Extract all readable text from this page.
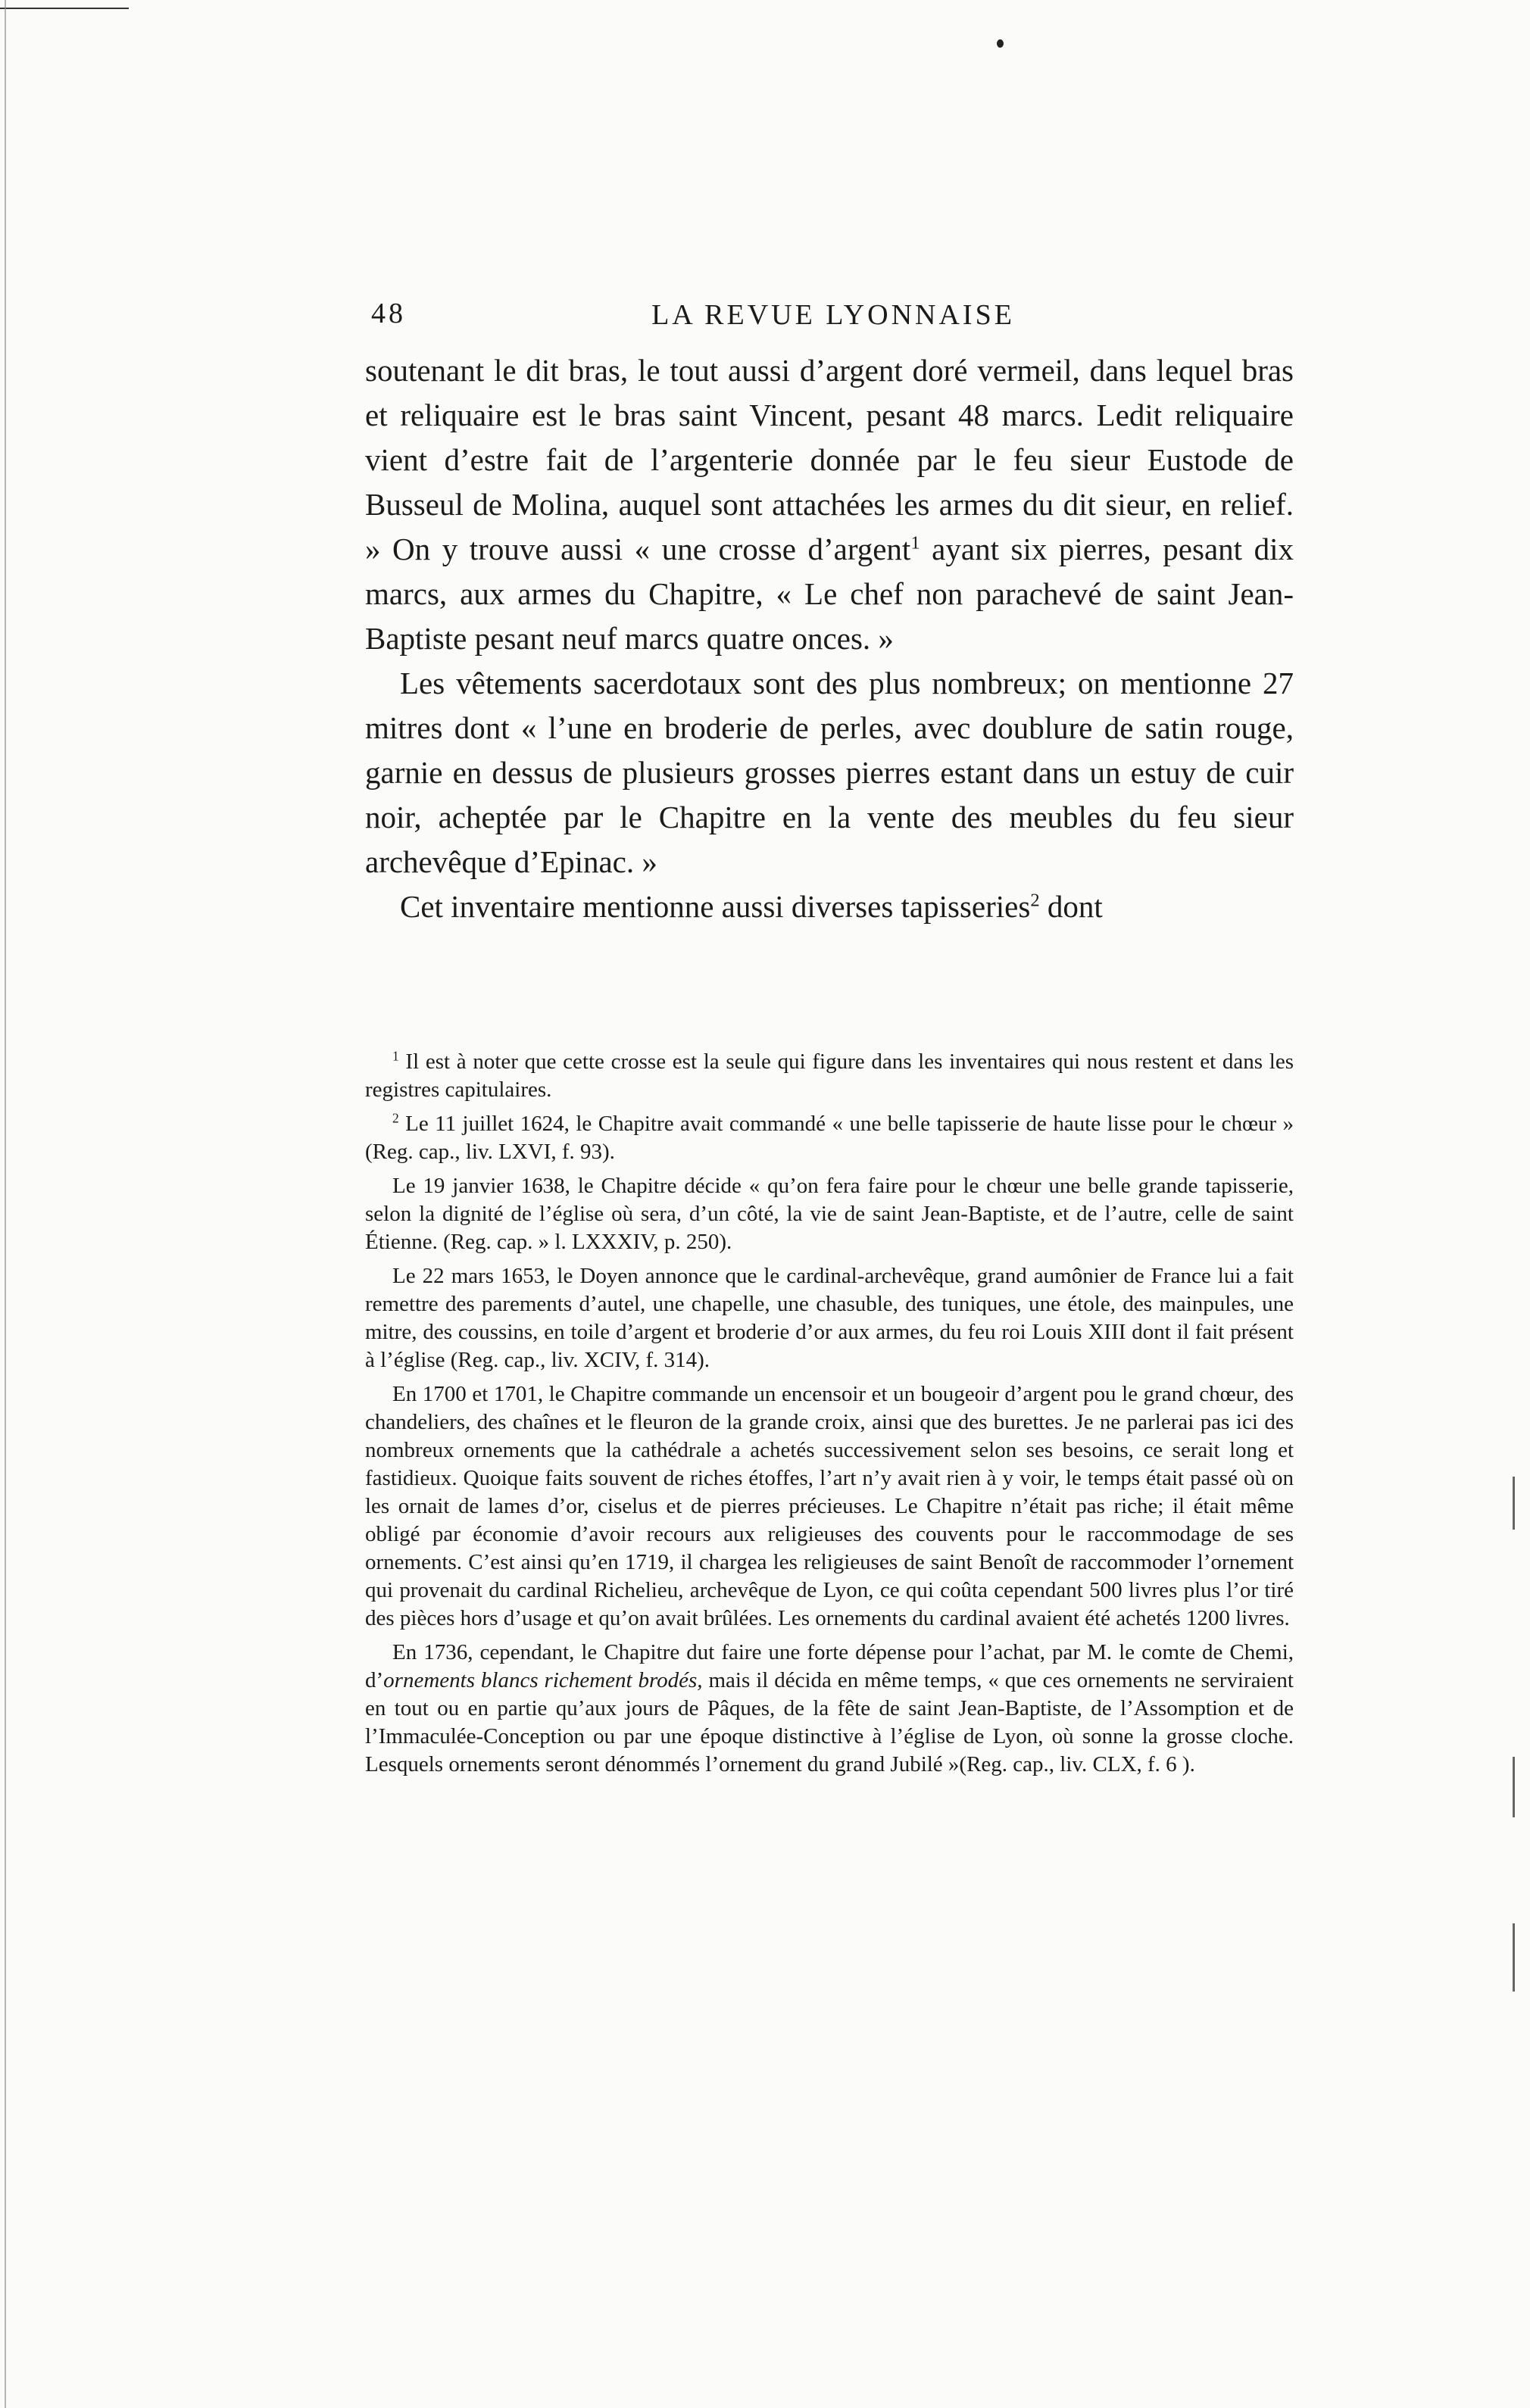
48	LA REVUE LYONNAISE

soutenant le dit bras, le tout aussi d’argent doré vermeil, dans lequel bras et reliquaire est le bras saint Vincent, pesant 48 marcs. Ledit reliquaire vient d’estre fait de l’argenterie donnée par le feu sieur Eustode de Busseul de Molina, auquel sont attachées les armes du dit sieur, en relief. » On y trouve aussi « une crosse d’argent$^1$ ayant six pierres, pesant dix marcs, aux armes du Chapitre, « Le chef non parachevé de saint Jean-Baptiste pesant neuf marcs quatre onces. »

Les vêtements sacerdotaux sont des plus nombreux; on mentionne 27 mitres dont « l’une en broderie de perles, avec doublure de satin rouge, garnie en dessus de plusieurs grosses pierres estant dans un estuy de cuir noir, acheptée par le Chapitre en la vente des meubles du feu sieur archevêque d’Epinac. »

Cet inventaire mentionne aussi diverses tapisseries$^2$ dont

$^1$ Il est à noter que cette crosse est la seule qui figure dans les inventaires qui nous restent et dans les registres capitulaires.

$^2$ Le 11 juillet 1624, le Chapitre avait commandé « une belle tapisserie de haute lisse pour le chœur » (Reg. cap., liv. LXVI, f. 93).

Le 19 janvier 1638, le Chapitre décide « qu’on fera faire pour le chœur une belle grande tapisserie, selon la dignité de l’église où sera, d’un côté, la vie de saint Jean-Baptiste, et de l’autre, celle de saint Étienne. (Reg. cap. » l. LXXXIV, p. 250).

Le 22 mars 1653, le Doyen annonce que le cardinal-archevêque, grand aumônier de France lui a fait remettre des parements d’autel, une chapelle, une chasuble, des tuniques, une étole, des mainpules, une mitre, des coussins, en toile d’argent et broderie d’or aux armes, du feu roi Louis XIII dont il fait présent à l’église (Reg. cap., liv. XCIV, f. 314).

En 1700 et 1701, le Chapitre commande un encensoir et un bougeoir d’argent pou le grand chœur, des chandeliers, des chaînes et le fleuron de la grande croix, ainsi que des burettes. Je ne parlerai pas ici des nombreux ornements que la cathédrale a achetés successivement selon ses besoins, ce serait long et fastidieux. Quoique faits souvent de riches étoffes, l’art n’y avait rien à y voir, le temps était passé où on les ornait de lames d’or, ciselus et de pierres précieuses. Le Chapitre n’était pas riche; il était même obligé par économie d’avoir recours aux religieuses des couvents pour le raccommodage de ses ornements. C’est ainsi qu’en 1719, il chargea les religieuses de saint Benoît de raccommoder l’ornement qui provenait du cardinal Richelieu, archevêque de Lyon, ce qui coûta cependant 500 livres plus l’or tiré des pièces hors d’usage et qu’on avait brûlées. Les ornements du cardinal avaient été achetés 1200 livres.

En 1736, cependant, le Chapitre dut faire une forte dépense pour l’achat, par M. le comte de Chemi, d’ornements blancs richement brodés, mais il décida en même temps, « que ces ornements ne serviraient en tout ou en partie qu’aux jours de Pâques, de la fête de saint Jean-Baptiste, de l’Assomption et de l’Immaculée-Conception ou par une époque distinctive à l’église de Lyon, où sonne la grosse cloche. Lesquels ornements seront dénommés l’ornement du grand Jubilé »(Reg. cap., liv. CLX, f. 6 ).
